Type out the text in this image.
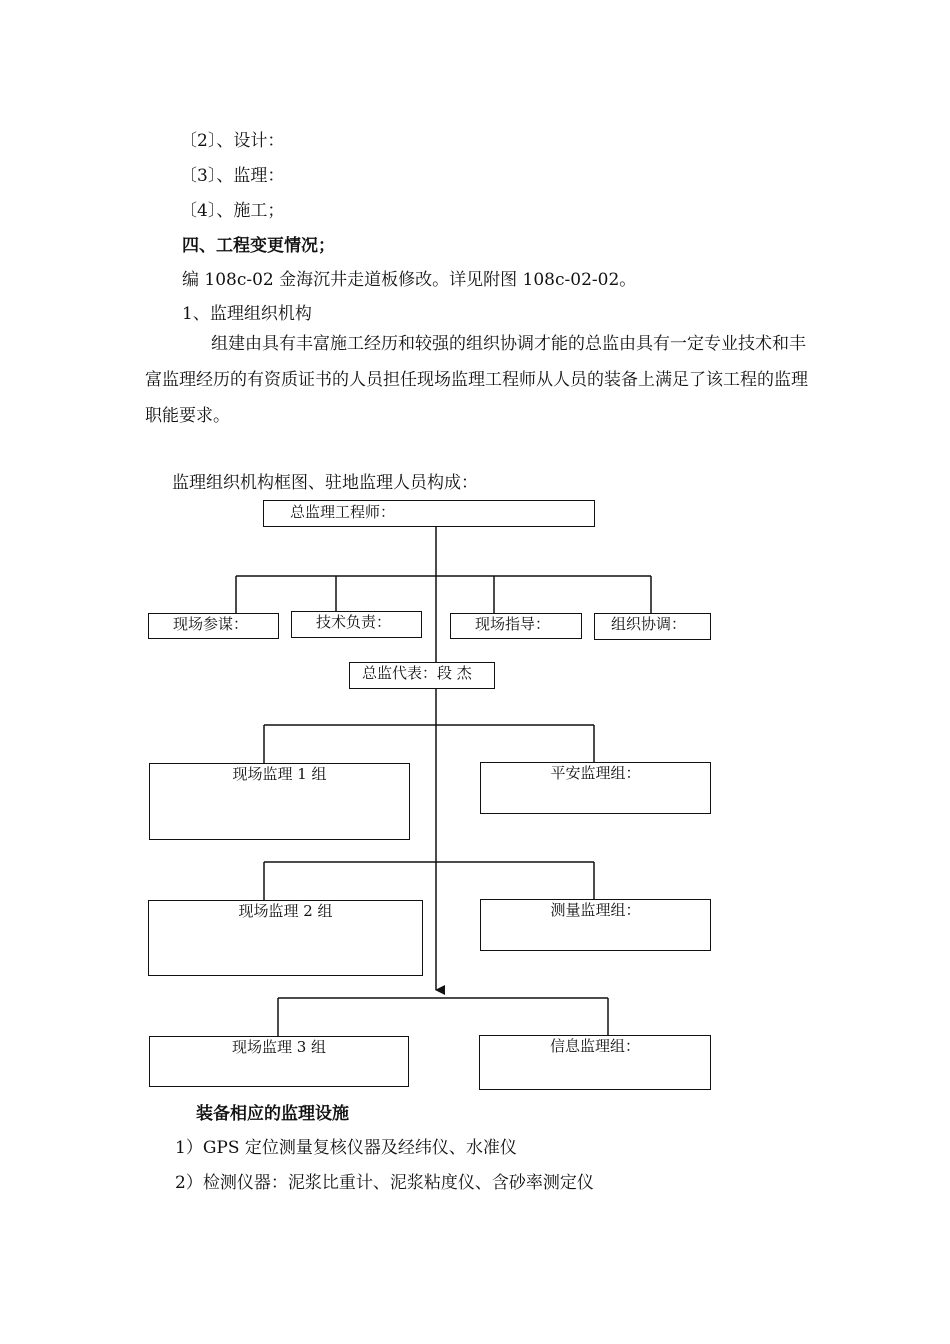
〔2〕、设计：
〔3〕、监理：
〔4〕、施工；
四、工程变更情况；
编 108c-02 金海沉井走道板修改。详见附图 108c-02-02。
1、监理组织机构
组建由具有丰富施工经历和较强的组织协调才能的总监由具有一定专业技术和丰富监理经历的有资质证书的人员担任现场监理工程师从人员的装备上满足了该工程的监理职能要求。
监理组织机构框图、驻地监理人员构成：
总监理工程师：
现场参谋：	技术负责：	现场指导：	组织协调：
总监代表：段 杰
现场监理 1 组	平安监理组：
现场监理 2 组	测量监理组：
现场监理 3 组	信息监理组：
装备相应的监理设施
1）GPS 定位测量复核仪器及经纬仪、水准仪
2）检测仪器：泥浆比重计、泥浆粘度仪、含砂率测定仪
